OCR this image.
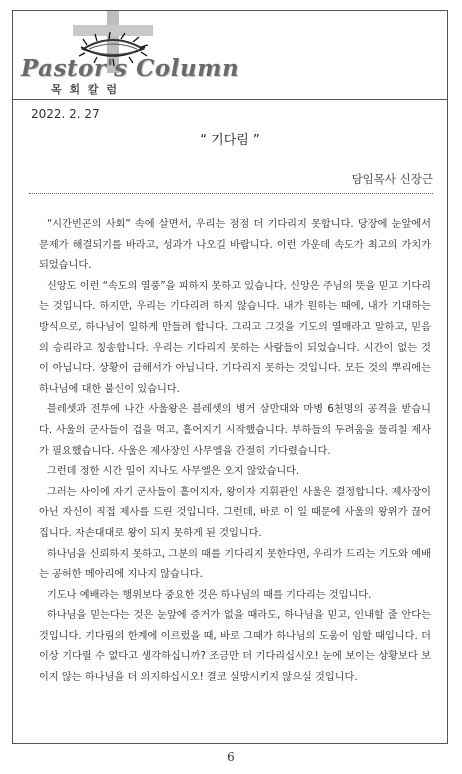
Pastor's Column
목 회 칼 럼
2022. 2. 27
“ 기다림 ”
담임목사 신장근

“시간빈곤의 사회” 속에 살면서, 우리는 점점 더 기다리지 못합니다. 당장에 눈앞에서 문제가 해결되기를 바라고, 성과가 나오길 바랍니다. 이런 가운데 속도가 최고의 가치가 되었습니다.

신앙도 이런 “속도의 열풍”을 피하지 못하고 있습니다. 신앙은 주님의 뜻을 믿고 기다리는 것입니다. 하지만, 우리는 기다리려 하지 않습니다. 내가 원하는 때에, 내가 기대하는 방식으로, 하나님이 일하게 만들려 합니다. 그리고 그것을 기도의 열매라고 말하고, 믿음의 승리라고 칭송합니다. 우리는 기다리지 못하는 사람들이 되었습니다. 시간이 없는 것이 아닙니다. 상황이 급해서가 아닙니다. 기다리지 못하는 것입니다. 모든 것의 뿌리에는 하나님에 대한 불신이 있습니다.

블레셋과 전투에 나간 사울왕은 블레셋의 병거 삼만대와 마병 6천명의 공격을 받습니다. 사울의 군사들이 겁을 먹고, 흩어지기 시작했습니다. 부하들의 두려움을 물리칠 제사가 필요했습니다. 사울은 제사장인 사무엘을 간절히 기다렸습니다.

그런데 정한 시간 일이 지나도 사무엘은 오지 않았습니다.

그러는 사이에 자기 군사들이 흩어지자, 왕이자 지휘관인 사울은 결정합니다. 제사장이 아닌 자신이 직접 제사를 드린 것입니다. 그런데, 바로 이 일 때문에 사울의 왕위가 끊어집니다. 자손대대로 왕이 되지 못하게 된 것입니다.

하나님을 신뢰하지 못하고, 그분의 때를 기다리지 못한다면, 우리가 드리는 기도와 예배는 공허한 메아리에 지나지 않습니다.

기도나 예배라는 행위보다 중요한 것은 하나님의 때를 기다리는 것입니다.

하나님을 믿는다는 것은 눈앞에 증거가 없을 때라도, 하나님을 믿고, 인내할 줄 안다는 것입니다. 기다림의 한계에 이르렀을 때, 바로 그때가 하나님의 도움이 임할 때입니다. 더이상 기다릴 수 없다고 생각하십니까? 조금만 더 기다리십시오! 눈에 보이는 상황보다 보이지 않는 하나님을 더 의지하십시오! 결코 실망시키지 않으실 것입니다.

6
